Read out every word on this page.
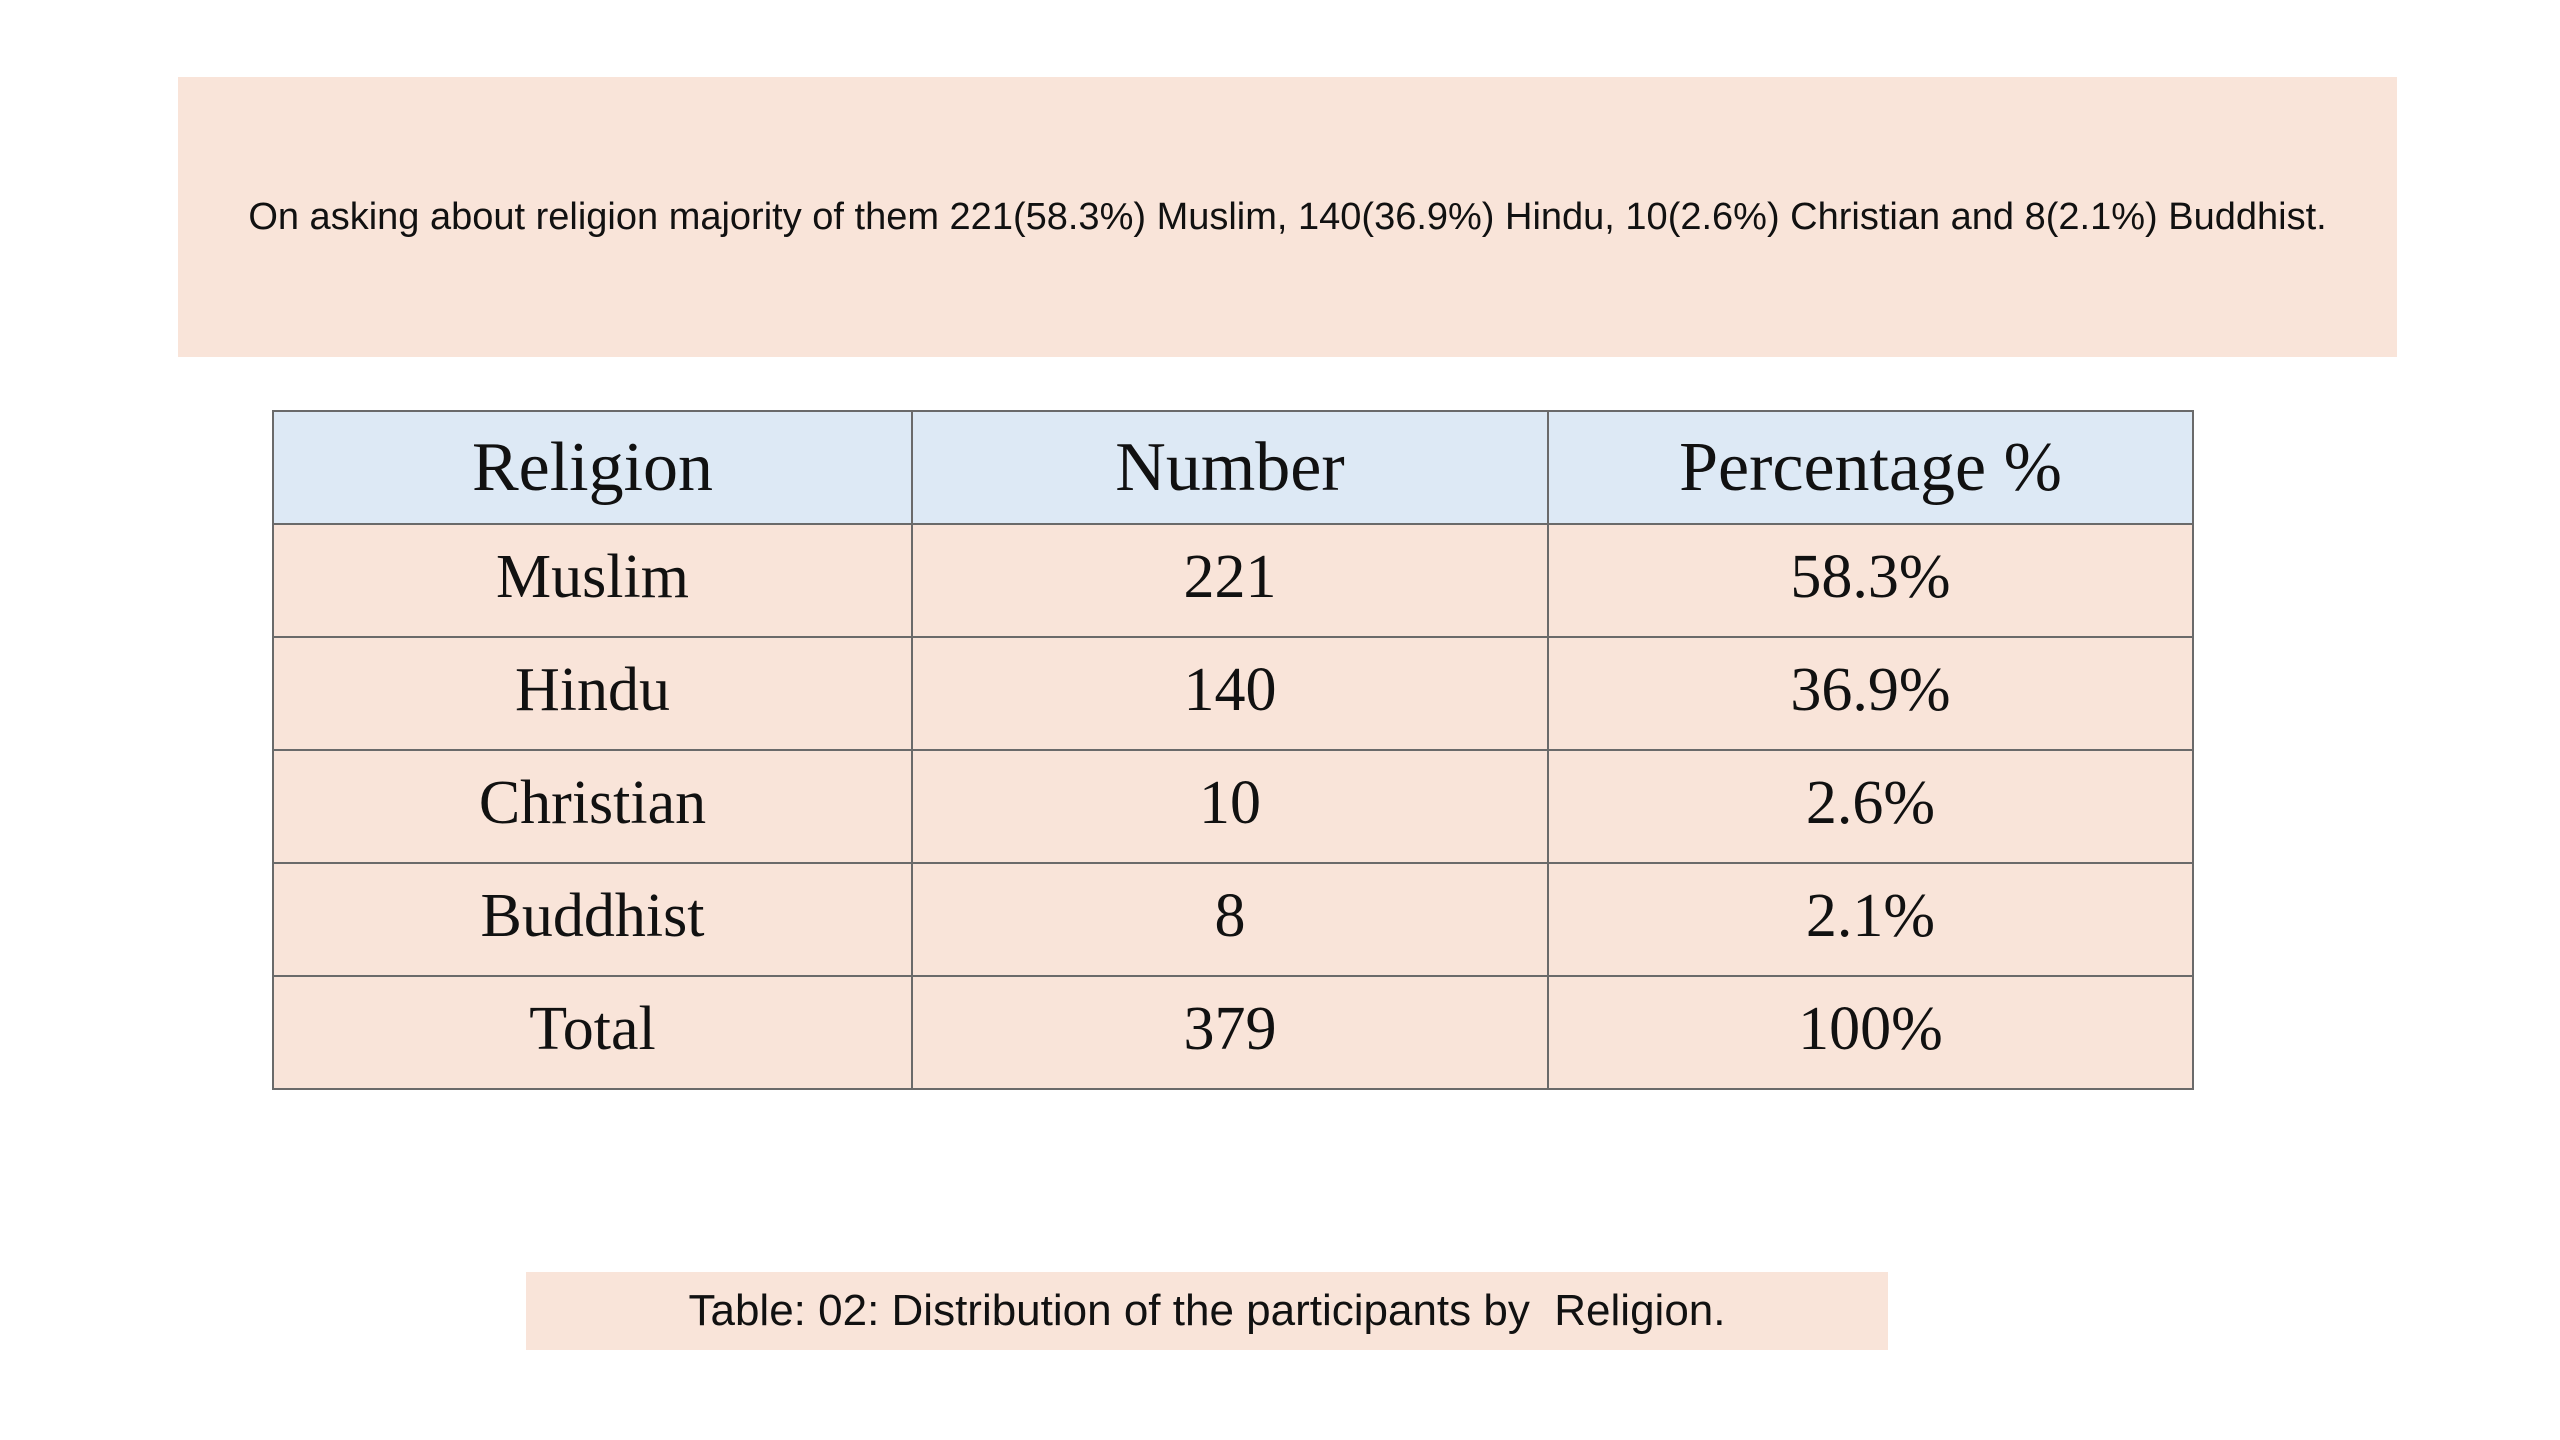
On asking about religion majority of them 221(58.3%) Muslim, 140(36.9%) Hindu, 10(2.6%) Christian and 8(2.1%) Buddhist.

Religion	Number	Percentage %
Muslim	221	58.3%
Hindu	140	36.9%
Christian	10	2.6%
Buddhist	8	2.1%
Total	379	100%
Table: 02: Distribution of the participants by  Religion.
